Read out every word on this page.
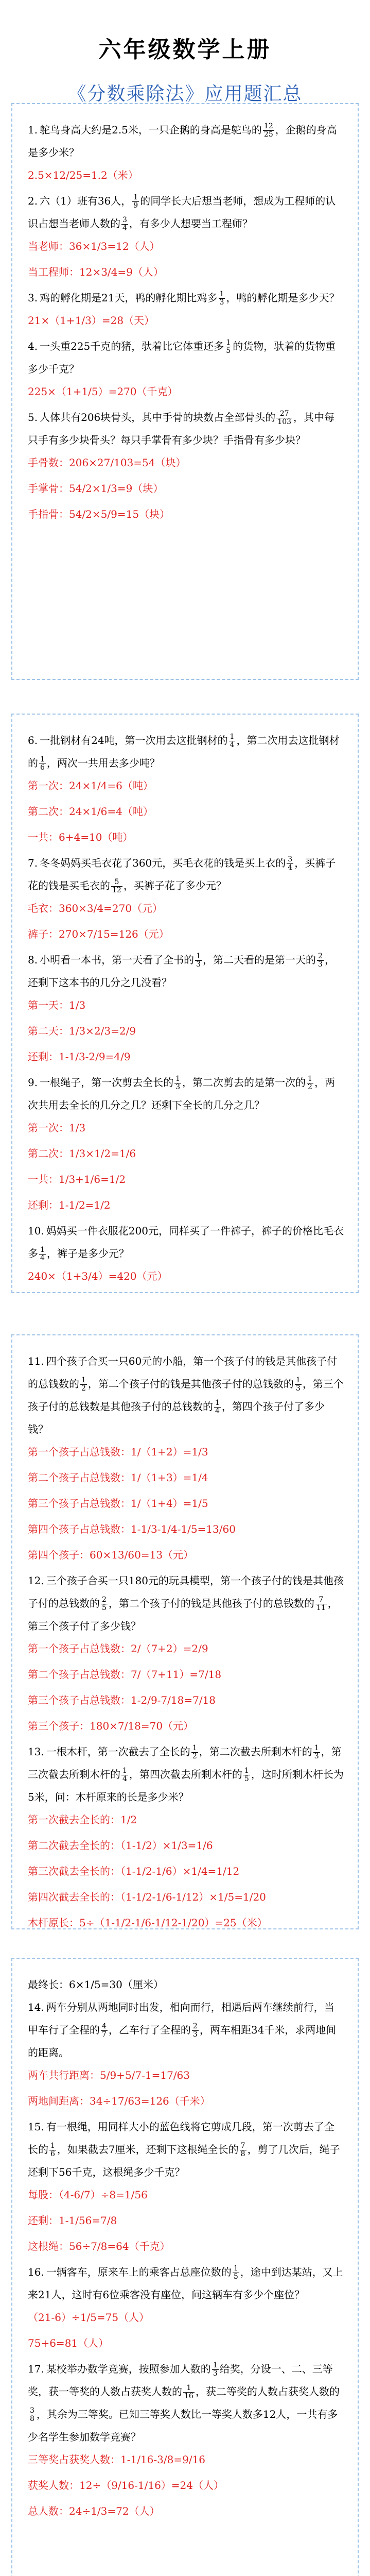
六年级数学上册
《分数乘除法》应用题汇总

1. 鸵鸟身高大约是2.5米，一只企鹅的身高是鸵鸟的 $\frac{12}{25}$ ，企鹅的身高是多少米？

2.5×12/25=1.2（米）

2. 六（1）班有36人， $\frac{1}{9}$ 的同学长大后想当老师，想成为工程师的认识占想当老师人数的 $\frac{3}{4}$ ，有多少人想要当工程师？

当老师：36×1/3=12（人）

当工程师：12×3/4=9（人）

3. 鸡的孵化期是21天，鸭的孵化期比鸡多 $\frac{1}{3}$ ，鸭的孵化期是多少天？

21×（1+1/3）=28（天）

4. 一头重225千克的猪，驮着比它体重还多 $\frac{1}{5}$ 的货物，驮着的货物重多少千克？

225×（1+1/5）=270（千克）

5. 人体共有206块骨头，其中手骨的块数占全部骨头的 $\frac{27}{103}$ ，其中每只手有多少块骨头？每只手掌骨有多少块？手指骨有多少块？

手骨数：206×27/103=54（块）

手掌骨：54/2×1/3=9（块）

手指骨：54/2×5/9=15（块）

6. 一批钢材有24吨，第一次用去这批钢材的 $\frac{1}{4}$ ，第二次用去这批钢材的 $\frac{1}{6}$ ，两次一共用去多少吨？

第一次：24×1/4=6（吨）

第二次：24×1/6=4（吨）

一共：6+4=10（吨）

7. 冬冬妈妈买毛衣花了360元，买毛衣花的钱是买上衣的 $\frac{3}{4}$ ，买裤子花的钱是买毛衣的 $\frac{5}{12}$ ，买裤子花了多少元？

毛衣：360×3/4=270（元）

裤子：270×7/15=126（元）

8. 小明看一本书，第一天看了全书的 $\frac{1}{3}$ ，第二天看的是第一天的 $\frac{2}{3}$ ，还剩下这本书的几分之几没看？

第一天：1/3

第二天：1/3×2/3=2/9

还剩：1-1/3-2/9=4/9

9. 一根绳子，第一次剪去全长的 $\frac{1}{3}$ ，第二次剪去的是第一次的 $\frac{1}{2}$ ，两次共用去全长的几分之几？还剩下全长的几分之几？

第一次：1/3

第二次：1/3×1/2=1/6

一共：1/3+1/6=1/2

还剩：1-1/2=1/2

10. 妈妈买一件衣服花200元，同样买了一件裤子，裤子的价格比毛衣多 $\frac{1}{4}$ ，裤子是多少元？

240×（1+3/4）=420（元）

11. 四个孩子合买一只60元的小船，第一个孩子付的钱是其他孩子付的总钱数的 $\frac{1}{2}$ ，第二个孩子付的钱是其他孩子付的总钱数的 $\frac{1}{3}$ ，第三个孩子付的总钱数是其他孩子付的总钱数的 $\frac{1}{4}$ ，第四个孩子付了多少钱？

第一个孩子占总钱数：1/（1+2）=1/3

第二个孩子占总钱数：1/（1+3）=1/4

第三个孩子占总钱数：1/（1+4）=1/5

第四个孩子占总钱数：1-1/3-1/4-1/5=13/60

第四个孩子：60×13/60=13（元）

12. 三个孩子合买一只180元的玩具模型，第一个孩子付的钱是其他孩子付的总钱数的 $\frac{2}{5}$ ，第二个孩子付的钱是其他孩子付的总钱数的 $\frac{7}{11}$ ，第三个孩子付了多少钱？

第一个孩子占总钱数：2/（7+2）=2/9

第二个孩子占总钱数：7/（7+11）=7/18

第三个孩子占总钱数：1-2/9-7/18=7/18

第三个孩子：180×7/18=70（元）

13. 一根木杆，第一次截去了全长的 $\frac{1}{2}$ ，第二次截去所剩木杆的 $\frac{1}{3}$ ，第三次截去所剩木杆的 $\frac{1}{4}$ ，第四次截去所剩木杆的 $\frac{1}{5}$ ，这时所剩木杆长为5米，问：木杆原来的长是多少米？

第一次截去全长的：1/2

第二次截去全长的：（1-1/2）×1/3=1/6

第三次截去全长的：（1-1/2-1/6）×1/4=1/12

第四次截去全长的：（1-1/2-1/6-1/12）×1/5=1/20

木杆原长：5÷（1-1/2-1/6-1/12-1/20）=25（米）

最终长：6×1/5=30（厘米）

14. 两车分别从两地同时出发，相向而行，相遇后两车继续前行，当甲车行了全程的 $\frac{4}{7}$ ，乙车行了全程的 $\frac{2}{3}$ ，两车相距34千米，求两地间的距离。

两车共行距离：5/9+5/7-1=17/63

两地间距离：34÷17/63=126（千米）

15. 有一根绳，用同样大小的蓝色线将它剪成几段，第一次剪去了全长的 $\frac{1}{6}$ ，如果截去7厘米，还剩下这根绳全长的 $\frac{7}{8}$ ，剪了几次后，绳子还剩下56千克，这根绳多少千克？

每股：（4-6/7）÷8=1/56

还剩：1-1/56=7/8

这根绳：56÷7/8=64（千克）

16. 一辆客车，原来车上的乘客占总座位数的 $\frac{1}{5}$ ，途中到达某站，又上来21人，这时有6位乘客没有座位，问这辆车有多少个座位？

（21-6）÷1/5=75（人）

75+6=81（人）

17. 某校举办数学竞赛，按照参加人数的 $\frac{1}{3}$ 给奖，分设一、二、三等奖，获一等奖的人数占获奖人数的 $\frac{1}{16}$ ，获二等奖的人数占获奖人数的
$\frac{3}{8}$ ，其余为三等奖。已知三等奖人数比一等奖人数多12人，一共有多少名学生参加数学竞赛？

三等奖占获奖人数：1-1/16-3/8=9/16

获奖人数：12÷（9/16-1/16）=24（人）

总人数：24÷1/3=72（人）
